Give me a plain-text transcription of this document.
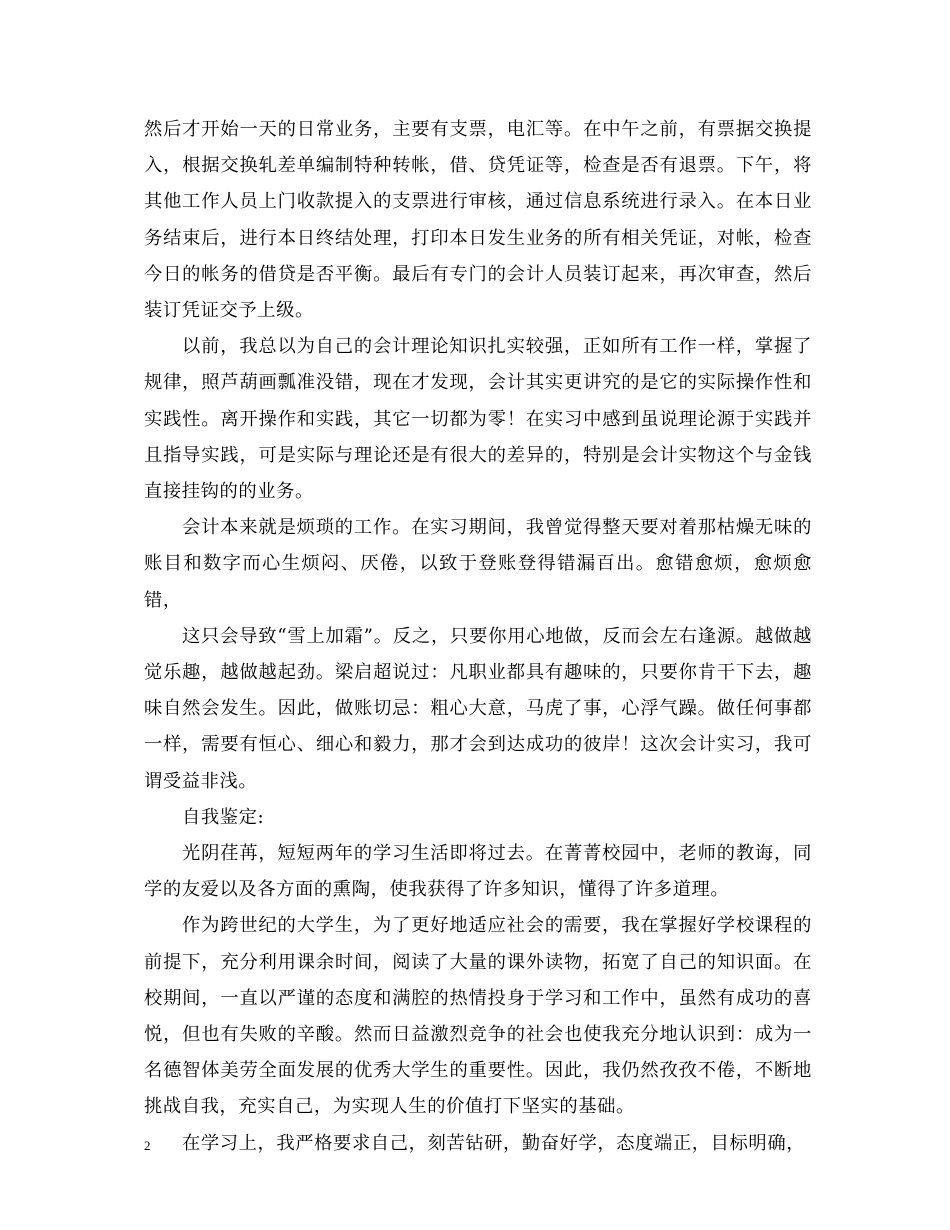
然后才开始一天的日常业务，主要有支票，电汇等。在中午之前，有票据交换提入，根据交换轧差单编制特种转帐，借、贷凭证等，检查是否有退票。下午，将其他工作人员上门收款提入的支票进行审核，通过信息系统进行录入。在本日业务结束后，进行本日终结处理，打印本日发生业务的所有相关凭证，对帐，检查今日的帐务的借贷是否平衡。最后有专门的会计人员装订起来，再次审查，然后装订凭证交予上级。

以前，我总以为自己的会计理论知识扎实较强，正如所有工作一样，掌握了规律，照芦葫画瓢准没错，现在才发现，会计其实更讲究的是它的实际操作性和实践性。离开操作和实践，其它一切都为零！在实习中感到虽说理论源于实践并且指导实践，可是实际与理论还是有很大的差异的，特别是会计实物这个与金钱直接挂钩的的业务。

会计本来就是烦琐的工作。在实习期间，我曾觉得整天要对着那枯燥无味的账目和数字而心生烦闷、厌倦，以致于登账登得错漏百出。愈错愈烦，愈烦愈错，

这只会导致“雪上加霜”。反之，只要你用心地做，反而会左右逢源。越做越觉乐趣，越做越起劲。梁启超说过：凡职业都具有趣味的，只要你肯干下去，趣味自然会发生。因此，做账切忌：粗心大意，马虎了事，心浮气躁。做任何事都一样，需要有恒心、细心和毅力，那才会到达成功的彼岸！这次会计实习，我可谓受益非浅。

自我鉴定:

光阴荏苒，短短两年的学习生活即将过去。在菁菁校园中，老师的教诲，同学的友爱以及各方面的熏陶，使我获得了许多知识，懂得了许多道理。

作为跨世纪的大学生，为了更好地适应社会的需要，我在掌握好学校课程的前提下，充分利用课余时间，阅读了大量的课外读物，拓宽了自己的知识面。在校期间，一直以严谨的态度和满腔的热情投身于学习和工作中，虽然有成功的喜悦，但也有失败的辛酸。然而日益激烈竞争的社会也使我充分地认识到：成为一名德智体美劳全面发展的优秀大学生的重要性。因此，我仍然孜孜不倦，不断地挑战自我，充实自己，为实现人生的价值打下坚实的基础。

在学习上，我严格要求自己，刻苦钻研，勤奋好学，态度端正，目标明确，

2
